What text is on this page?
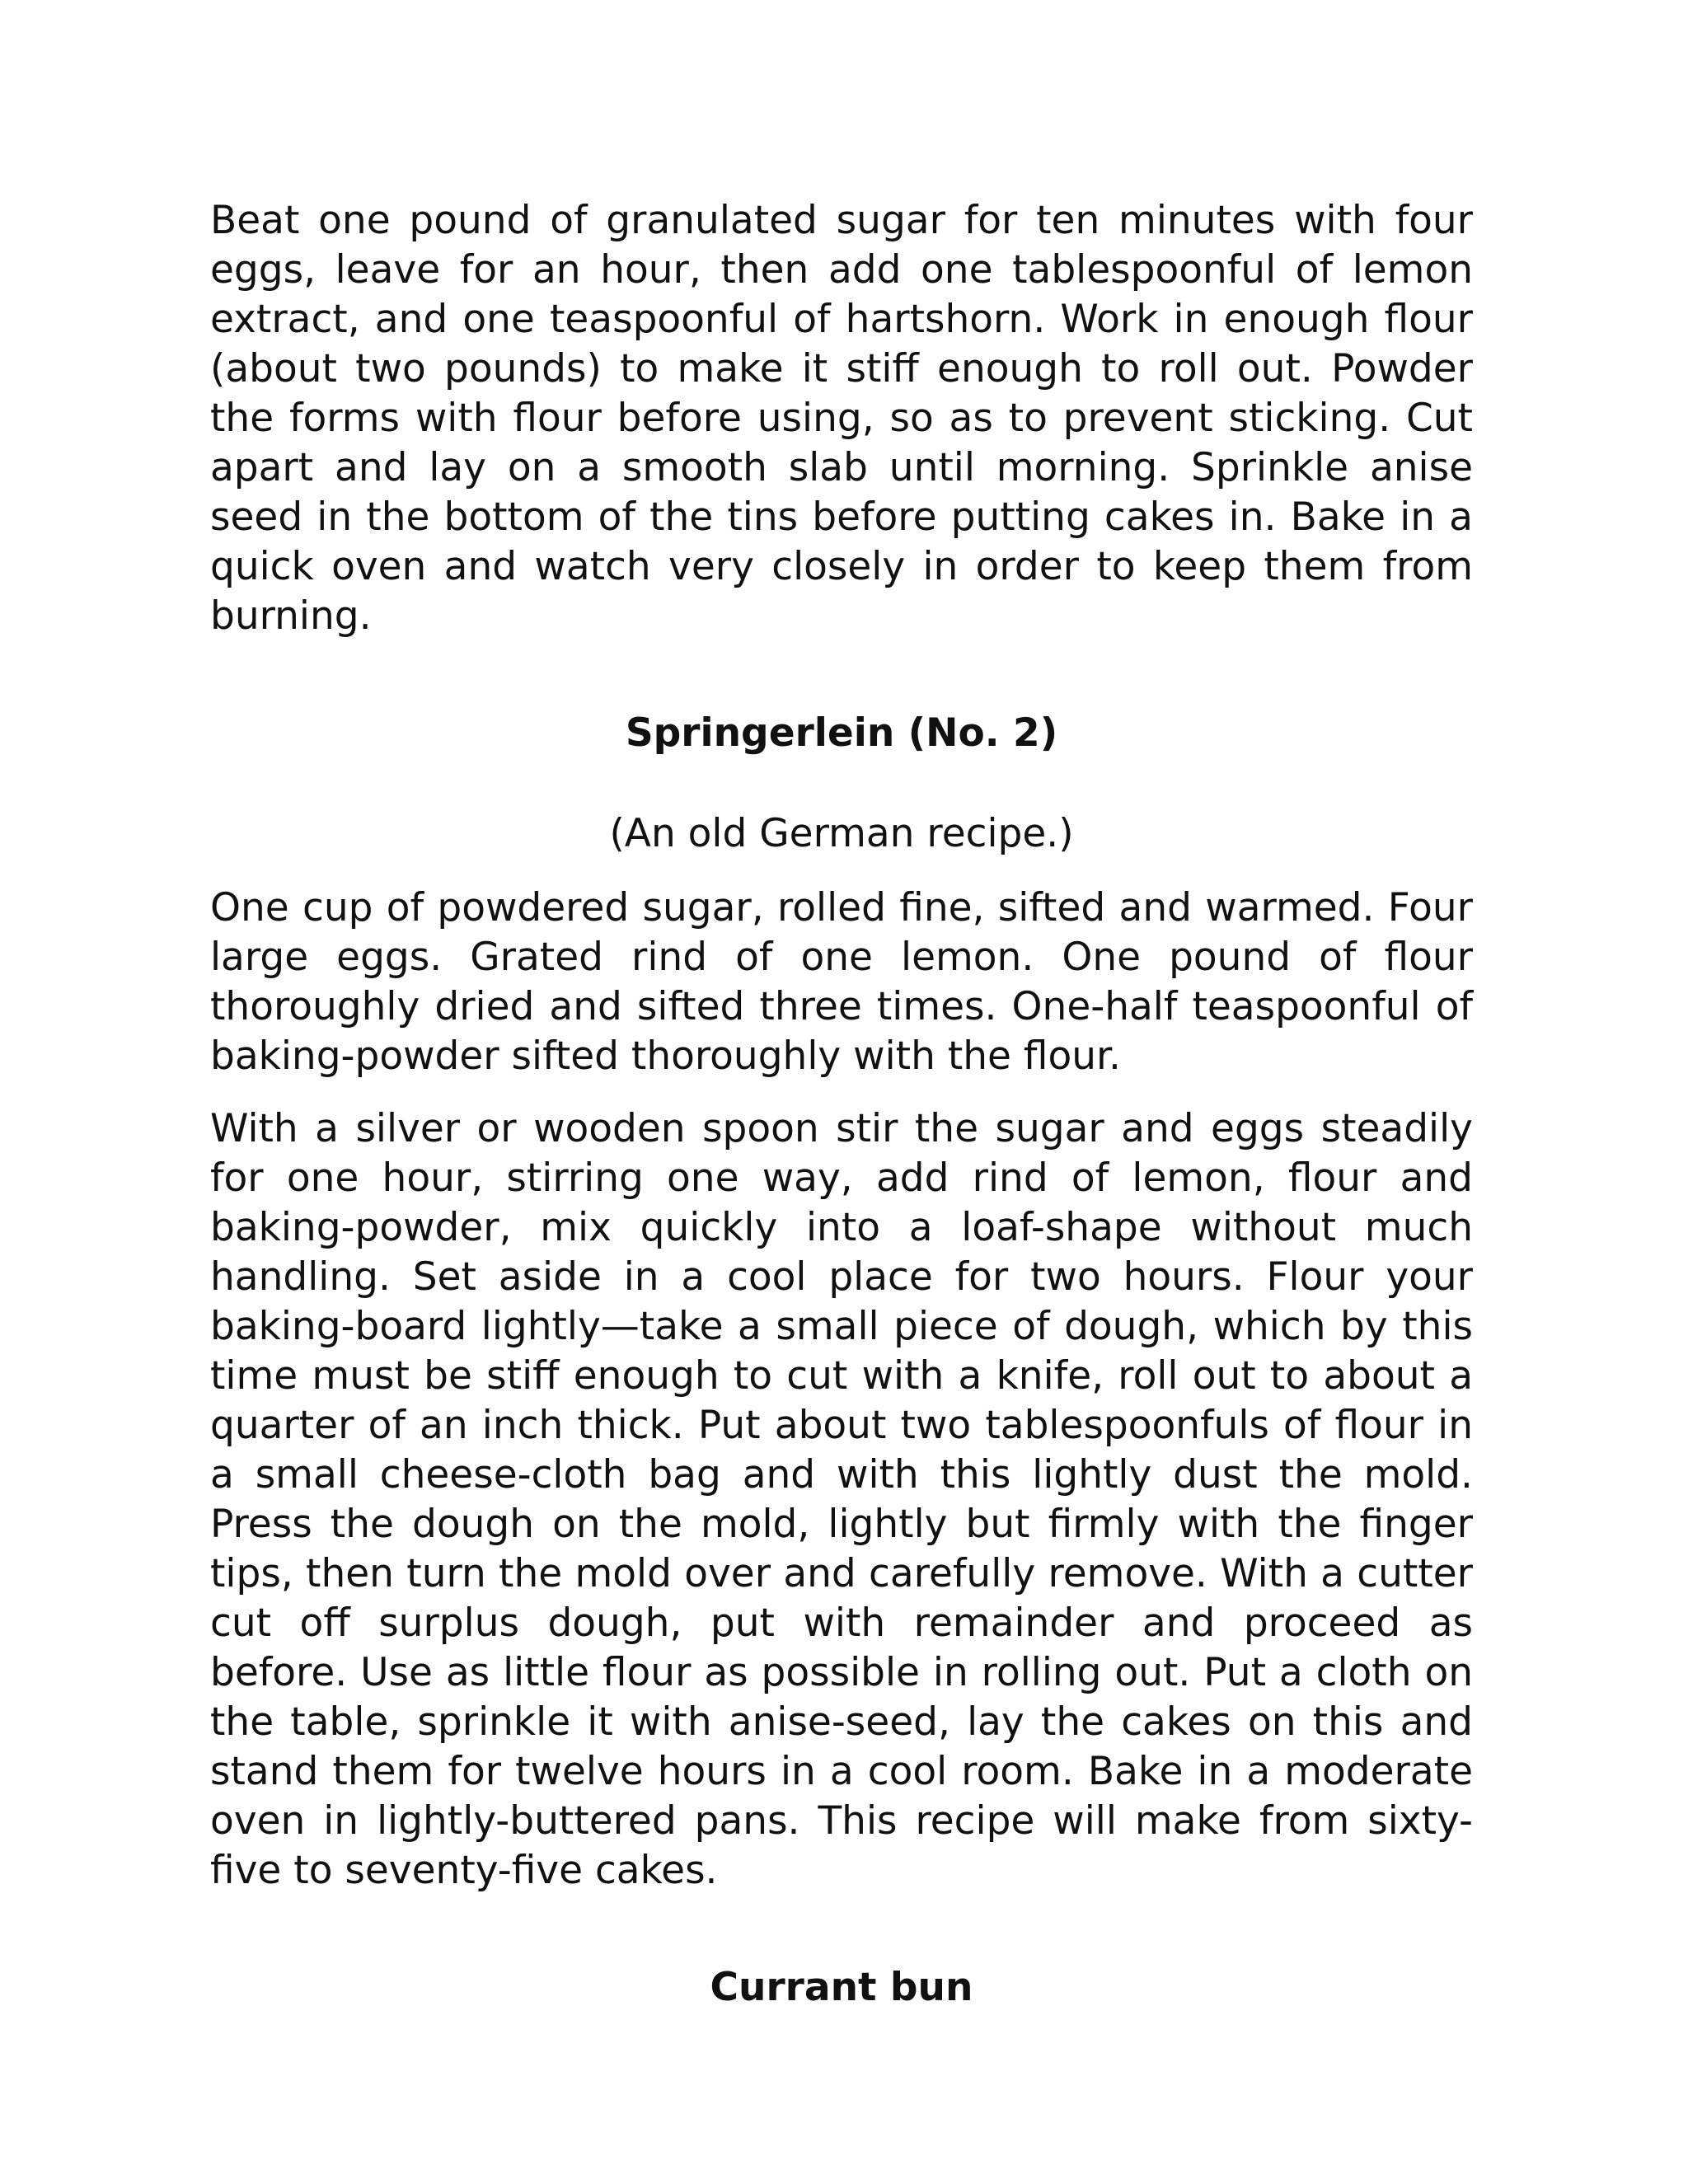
Beat one pound of granulated sugar for ten minutes with four eggs, leave for an hour, then add one tablespoonful of lemon extract, and one teaspoonful of hartshorn. Work in enough flour (about two pounds) to make it stiff enough to roll out. Powder the forms with flour before using, so as to prevent sticking. Cut apart and lay on a smooth slab until morning. Sprinkle anise seed in the bottom of the tins before putting cakes in. Bake in a quick oven and watch very closely in order to keep them from burning.

Springerlein (No. 2)
(An old German recipe.)

One cup of powdered sugar, rolled fine, sifted and warmed. Four large eggs. Grated rind of one lemon. One pound of flour thoroughly dried and sifted three times. One-half teaspoonful of baking-powder sifted thoroughly with the flour.

With a silver or wooden spoon stir the sugar and eggs steadily for one hour, stirring one way, add rind of lemon, flour and baking-powder, mix quickly into a loaf-shape without much handling. Set aside in a cool place for two hours. Flour your baking-board lightly—take a small piece of dough, which by this time must be stiff enough to cut with a knife, roll out to about a quarter of an inch thick. Put about two tablespoonfuls of flour in a small cheese-cloth bag and with this lightly dust the mold. Press the dough on the mold, lightly but firmly with the finger tips, then turn the mold over and carefully remove. With a cutter cut off surplus dough, put with remainder and proceed as before. Use as little flour as possible in rolling out. Put a cloth on the table, sprinkle it with anise-seed, lay the cakes on this and stand them for twelve hours in a cool room. Bake in a moderate oven in lightly-buttered pans. This recipe will make from sixty-five to seventy-five cakes.

Currant bun
